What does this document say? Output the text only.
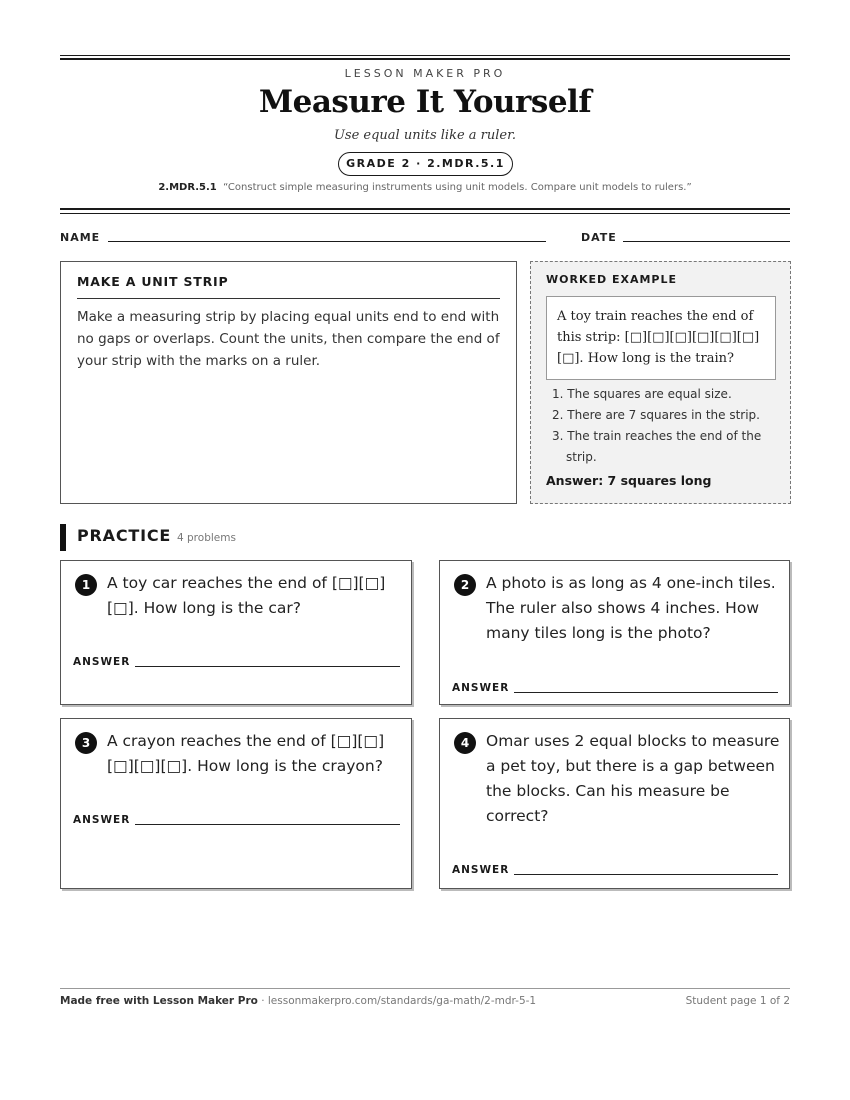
LESSON MAKER PRO
Measure It Yourself
Use equal units like a ruler.
GRADE 2 · 2.MDR.5.1
2.MDR.5.1 “Construct simple measuring instruments using unit models. Compare unit models to rulers.”
NAME	DATE
MAKE A UNIT STRIP
Make a measuring strip by placing equal units end to end with no gaps or overlaps. Count the units, then compare the end of your strip with the marks on a ruler.
WORKED EXAMPLE
A toy train reaches the end of this strip: [□][□][□][□][□][□][□]. How long is the train?
1. The squares are equal size.
2. There are 7 squares in the strip.
3. The train reaches the end of the strip.
Answer: 7 squares long
PRACTICE 4 problems
1	A toy car reaches the end of [□][□][□]. How long is the car?
ANSWER
2	A photo is as long as 4 one-inch tiles. The ruler also shows 4 inches. How many tiles long is the photo?
ANSWER
3	A crayon reaches the end of [□][□][□][□][□]. How long is the crayon?
ANSWER
4	Omar uses 2 equal blocks to measure a pet toy, but there is a gap between the blocks. Can his measure be correct?
ANSWER
Made free with Lesson Maker Pro · lessonmakerpro.com/standards/ga-math/2-mdr-5-1	Student page 1 of 2
